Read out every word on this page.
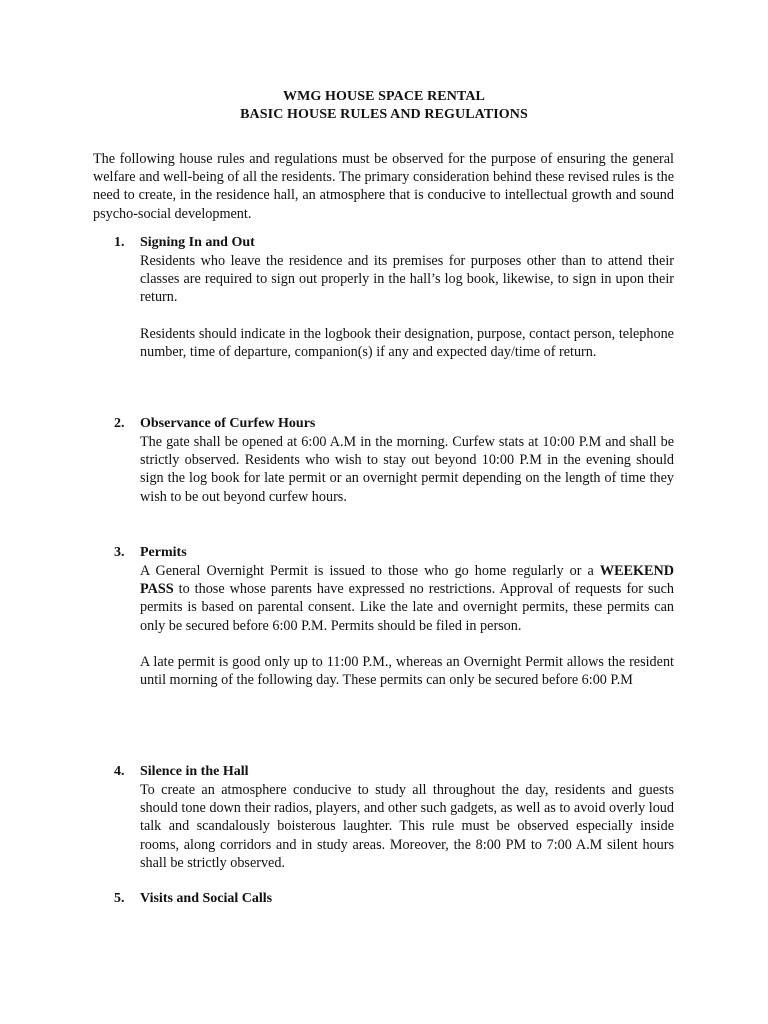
WMG HOUSE SPACE RENTAL
BASIC HOUSE RULES AND REGULATIONS

The following house rules and regulations must be observed for the purpose of ensuring the general welfare and well-being of all the residents. The primary consideration behind these revised rules is the need to create, in the residence hall, an atmosphere that is conducive to intellectual growth and sound psycho-social development.

1.	Signing In and Out

Residents who leave the residence and its premises for purposes other than to attend their classes are required to sign out properly in the hall’s log book, likewise, to sign in upon their return.

Residents should indicate in the logbook their designation, purpose, contact person, telephone number, time of departure, companion(s) if any and expected day/time of return.

2.	Observance of Curfew Hours

The gate shall be opened at 6:00 A.M in the morning. Curfew stats at 10:00 P.M and shall be strictly observed. Residents who wish to stay out beyond 10:00 P.M in the evening should sign the log book for late permit or an overnight permit depending on the length of time they wish to be out beyond curfew hours.

3.	Permits

A General Overnight Permit is issued to those who go home regularly or a WEEKEND PASS to those whose parents have expressed no restrictions. Approval of requests for such permits is based on parental consent. Like the late and overnight permits, these permits can only be secured before 6:00 P.M. Permits should be filed in person.

A late permit is good only up to 11:00 P.M., whereas an Overnight Permit allows the resident until morning of the following day. These permits can only be secured before 6:00 P.M

4.	Silence in the Hall

To create an atmosphere conducive to study all throughout the day, residents and guests should tone down their radios, players, and other such gadgets, as well as to avoid overly loud talk and scandalously boisterous laughter. This rule must be observed especially inside rooms, along corridors and in study areas. Moreover, the 8:00 PM to 7:00 A.M silent hours shall be strictly observed.

5.	Visits and Social Calls
